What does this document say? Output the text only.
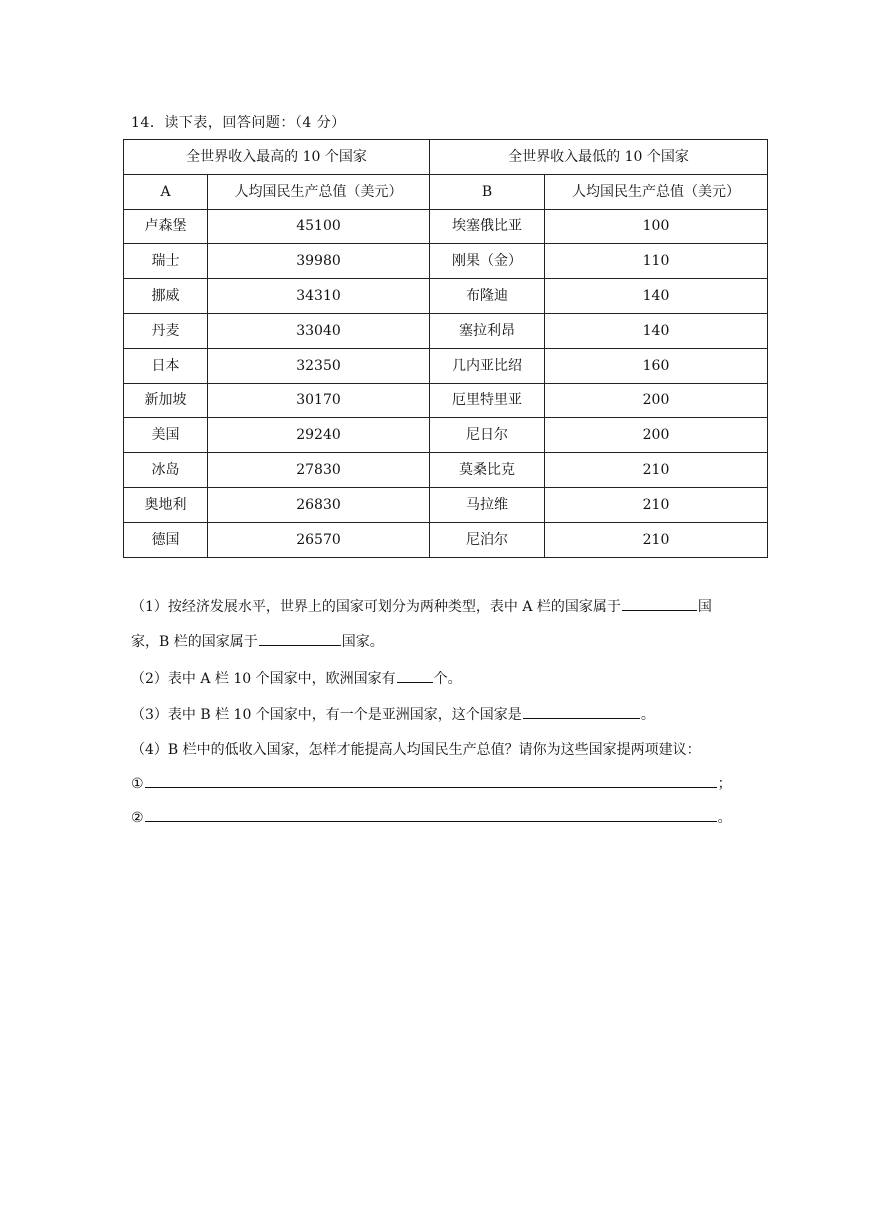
14．读下表，回答问题：（4 分）
全世界收入最高的 10 个国家		全世界收入最低的 10 个国家	
A	人均国民生产总值（美元）	B	人均国民生产总值（美元）
卢森堡	45100	埃塞俄比亚	100
瑞士	39980	刚果（金）	110
挪威	34310	布隆迪	140
丹麦	33040	塞拉利昂	140
日本	32350	几内亚比绍	160
新加坡	30170	厄里特里亚	200
美国	29240	尼日尔	200
冰岛	27830	莫桑比克	210
奥地利	26830	马拉维	210
德国	26570	尼泊尔	210
（1）按经济发展水平，世界上的国家可划分为两种类型，表中 A 栏的国家属于	国
家，B 栏的国家属于	国家。
（2）表中 A 栏 10 个国家中，欧洲国家有	个。
（3）表中 B 栏 10 个国家中，有一个是亚洲国家，这个国家是	。
（4）B 栏中的低收入国家，怎样才能提高人均国民生产总值？请你为这些国家提两项建议：
①	；
②	。
